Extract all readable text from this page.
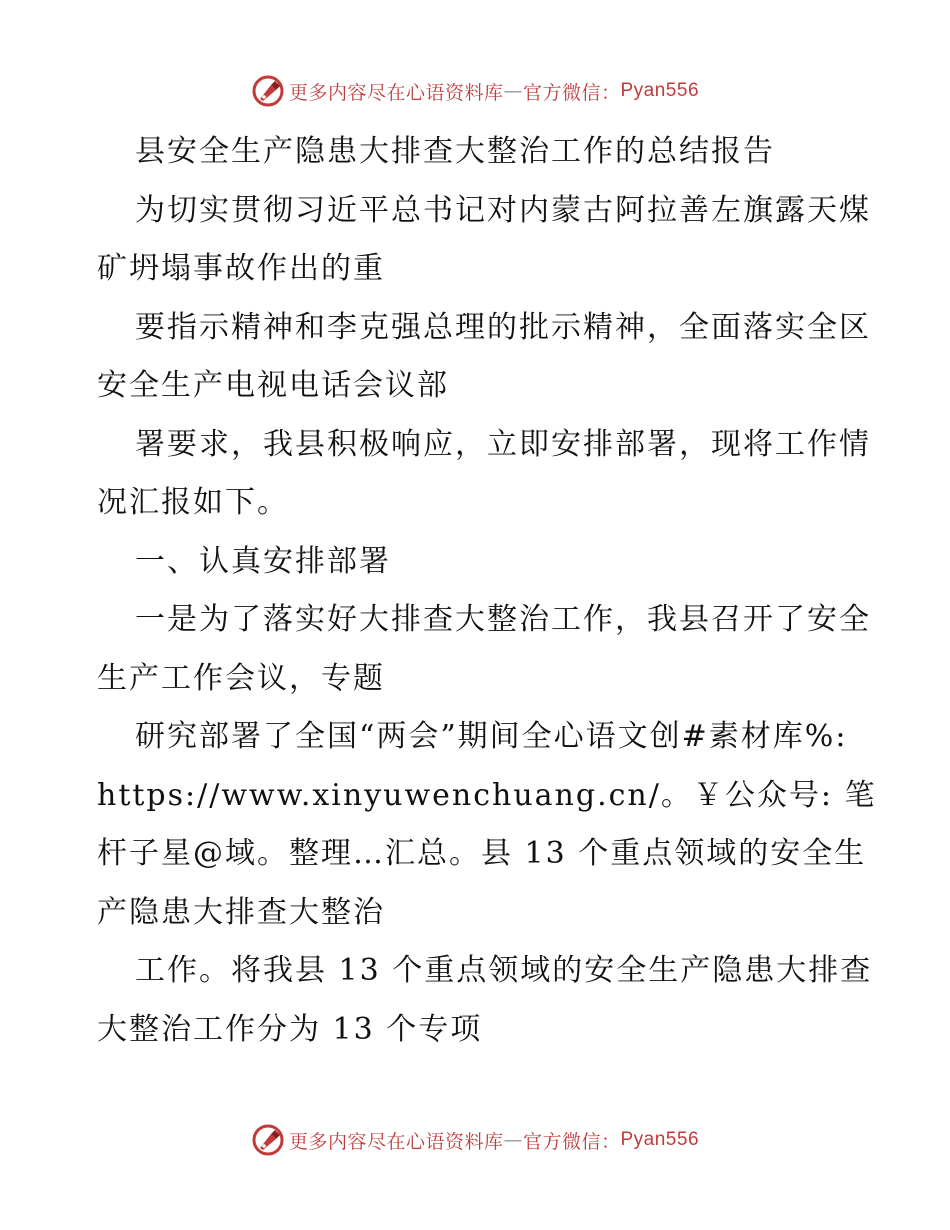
更多内容尽在心语资料库 — 官方微信： Pyan556

县安全生产隐患大排查大整治工作的总结报告

为切实贯彻习近平总书记对内蒙古阿拉善左旗露天煤矿坍塌事故作出的重

要指示精神和李克强总理的批示精神，全面落实全区安全生产电视电话会议部

署要求，我县积极响应，立即安排部署，现将工作情况汇报如下。

一、认真安排部署

一是为了落实好大排查大整治工作，我县召开了安全生产工作会议，专题

研究部署了全国“两会”期间全心语文创#素材库%: https://www.xinyuwenchuang.cn/。￥公众号: 笔杆子星@域。整理…汇总。县 13 个重点领域的安全生产隐患大排查大整治

工作。将我县 13 个重点领域的安全生产隐患大排查大整治工作分为 13 个专项

更多内容尽在心语资料库 — 官方微信： Pyan556
